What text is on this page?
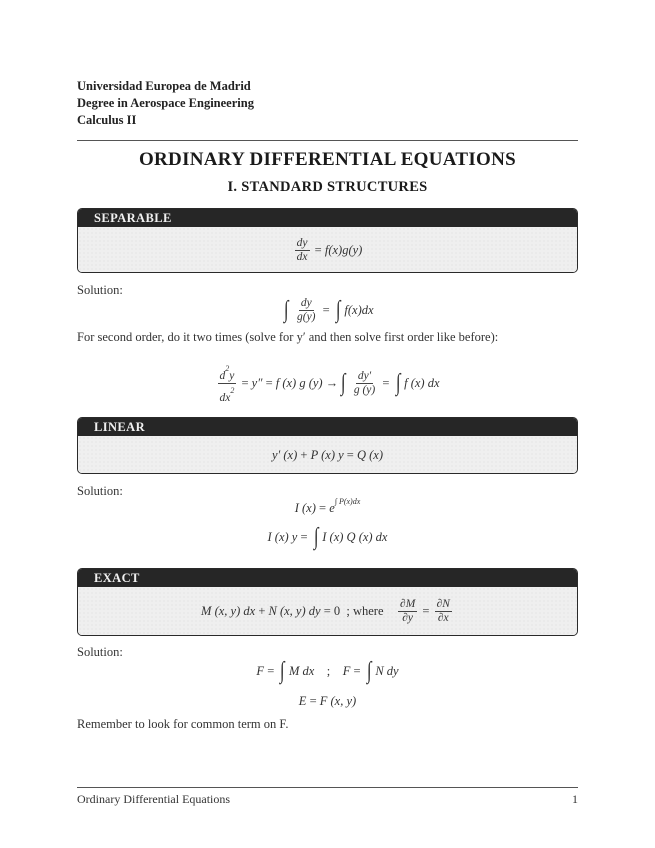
Universidad Europea de Madrid
Degree in Aerospace Engineering
Calculus II
ORDINARY DIFFERENTIAL EQUATIONS
I. STANDARD STRUCTURES
SEPARABLE
$\frac{dy}{dx} = f(x)g(y)$
Solution:
∫ $\frac{dy}{g(y)}$ = ∫ f(x)dx
For second order, do it two times (solve for y′ and then solve first order like before):
$\frac{d^2y}{dx^2} = y'' = f$ (x) g (y) → ∫ $\frac{dy'}{g (y)}$ = ∫ f (x) dx
LINEAR
y′ (x) + P (x) y = Q (x)
Solution:
I $(x) = e^{\int P(x)dx}$
I (x) y = ∫ I (x) Q (x) dx
EXACT
M (x, y) dx + N (x, y) dy = 0 ; where	$\frac{\partial M}{\partial y} = \frac{\partial N}{\partial x}$
Solution:
F = ∫ M dx ; F = ∫ N dy
E = F (x, y)
Remember to look for common term on F.
Ordinary Differential Equations	1
